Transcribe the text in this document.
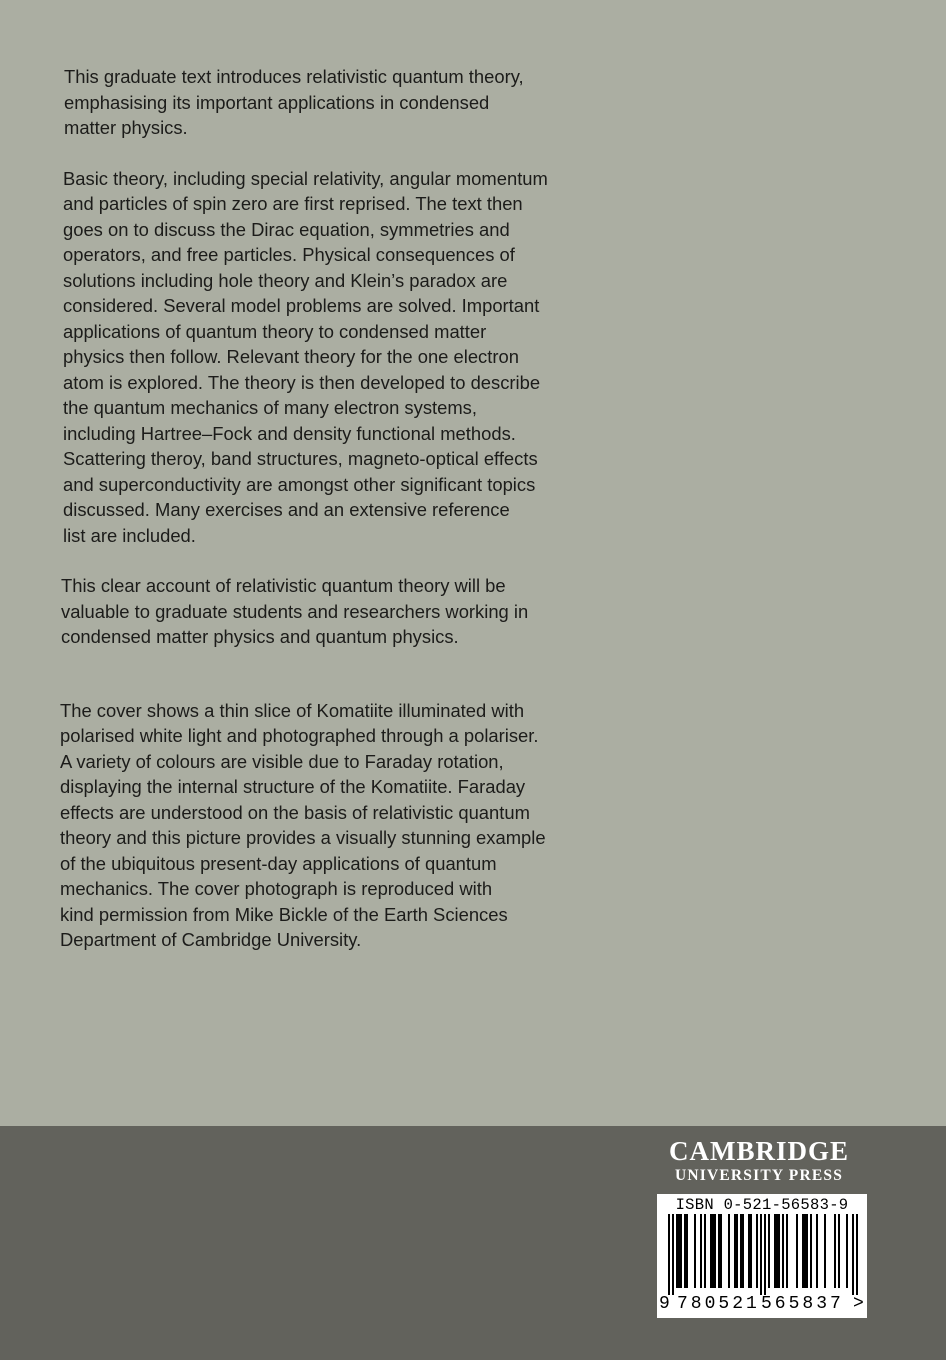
This graduate text introduces relativistic quantum theory,
emphasising its important applications in condensed
matter physics.

Basic theory, including special relativity, angular momentum
and particles of spin zero are first reprised. The text then
goes on to discuss the Dirac equation, symmetries and
operators, and free particles. Physical consequences of
solutions including hole theory and Klein’s paradox are
considered. Several model problems are solved. Important
applications of quantum theory to condensed matter
physics then follow. Relevant theory for the one electron
atom is explored. The theory is then developed to describe
the quantum mechanics of many electron systems,
including Hartree–Fock and density functional methods.
Scattering theroy, band structures, magneto-optical effects
and superconductivity are amongst other significant topics
discussed. Many exercises and an extensive reference
list are included.

This clear account of relativistic quantum theory will be
valuable to graduate students and researchers working in
condensed matter physics and quantum physics.

The cover shows a thin slice of Komatiite illuminated with
polarised white light and photographed through a polariser.
A variety of colours are visible due to Faraday rotation,
displaying the internal structure of the Komatiite. Faraday
effects are understood on the basis of relativistic quantum
theory and this picture provides a visually stunning example
of the ubiquitous present-day applications of quantum
mechanics. The cover photograph is reproduced with
kind permission from Mike Bickle of the Earth Sciences
Department of Cambridge University.

CAMBRIDGE
UNIVERSITY PRESS
ISBN 0-521-56583-9
9 780521 565837 >
